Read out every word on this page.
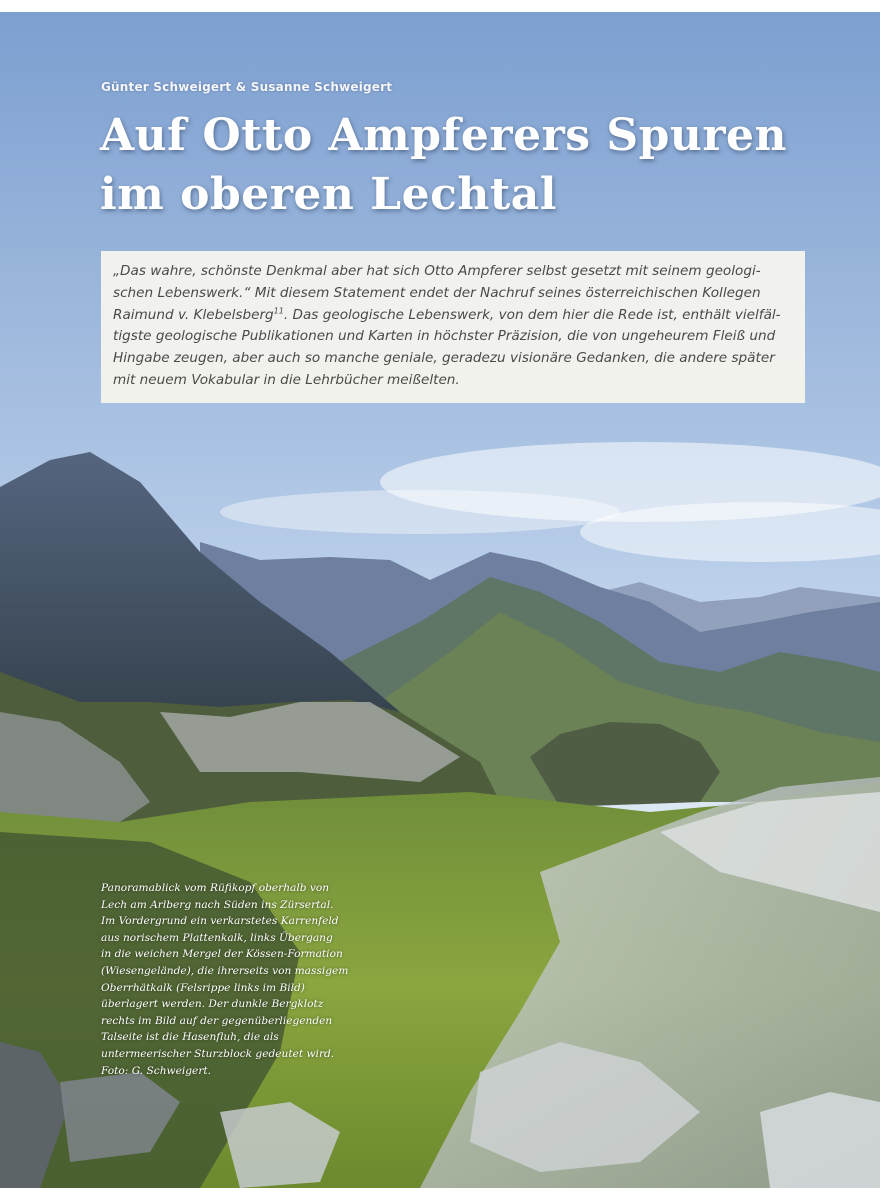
Günter Schweigert & Susanne Schweigert
Auf Otto Ampferers Spuren
im oberen Lechtal
„Das wahre, schönste Denkmal aber hat sich Otto Ampferer selbst gesetzt mit seinem geologi-
schen Lebenswerk.“ Mit diesem Statement endet der Nachruf seines österreichischen Kollegen
Raimund v. Klebelsberg$^{11}$. Das geologische Lebenswerk, von dem hier die Rede ist, enthält vielfäl-
tigste geologische Publikationen und Karten in höchster Präzision, die von ungeheurem Fleiß und
Hingabe zeugen, aber auch so manche geniale, geradezu visionäre Gedanken, die andere später
mit neuem Vokabular in die Lehrbücher meißelten.
Panoramablick vom Rüfikopf oberhalb von
Lech am Arlberg nach Süden ins Zürsertal.
Im Vordergrund ein verkarstetes Karrenfeld
aus norischem Plattenkalk, links Übergang
in die weichen Mergel der Kössen-Formation
(Wiesengelände), die ihrerseits von massigem
Oberrhätkalk (Felsrippe links im Bild)
überlagert werden. Der dunkle Bergklotz
rechts im Bild auf der gegenüberliegenden
Talseite ist die Hasenfluh, die als
untermeerischer Sturzblock gedeutet wird.
Foto: G. Schweigert.
